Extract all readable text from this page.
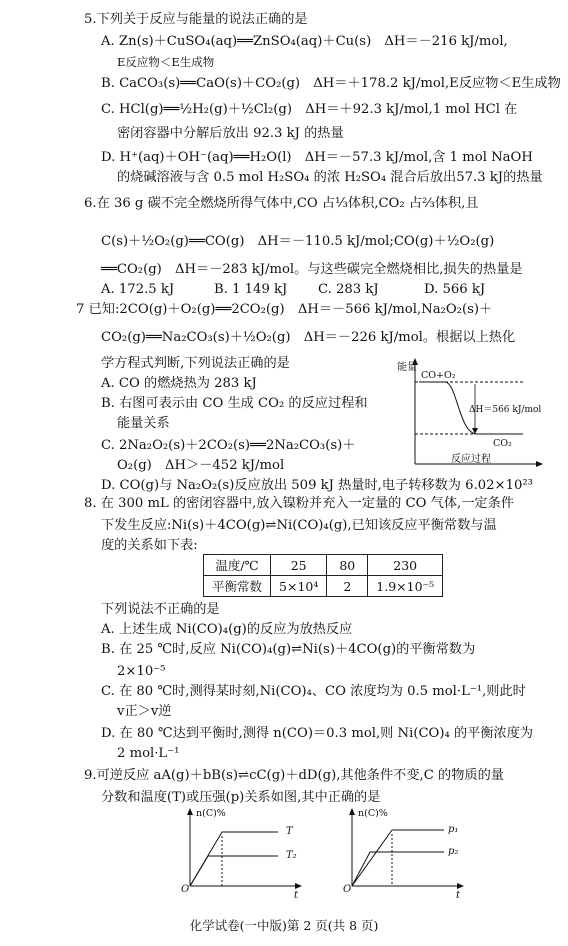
5.下列关于反应与能量的说法正确的是
A. Zn(s)＋CuSO₄(aq)══ZnSO₄(aq)＋Cu(s)　ΔH＝－216 kJ/mol,
E反应物＜E生成物
B. CaCO₃(s)══CaO(s)＋CO₂(g)　ΔH＝＋178.2 kJ/mol,E反应物＜E生成物
C. HCl(g)══½H₂(g)＋½Cl₂(g)　ΔH＝＋92.3 kJ/mol,1 mol HCl 在
密闭容器中分解后放出 92.3 kJ 的热量
D. H⁺(aq)＋OH⁻(aq)══H₂O(l)　ΔH＝－57.3 kJ/mol,含 1 mol NaOH
的烧碱溶液与含 0.5 mol H₂SO₄ 的浓 H₂SO₄ 混合后放出57.3 kJ的热量
6.在 36 g 碳不完全燃烧所得气体中,CO 占⅓体积,CO₂ 占⅔体积,且
C(s)＋½O₂(g)══CO(g)　ΔH＝－110.5 kJ/mol;CO(g)＋½O₂(g)
══CO₂(g)　ΔH＝－283 kJ/mol。与这些碳完全燃烧相比,损失的热量是
A. 172.5 kJ	B. 1 149 kJ C. 283 kJ	D. 566 kJ
7 已知:2CO(g)＋O₂(g)══2CO₂(g)　ΔH＝－566 kJ/mol,Na₂O₂(s)＋
CO₂(g)══Na₂CO₃(s)＋½O₂(g)　ΔH＝－226 kJ/mol。根据以上热化
学方程式判断,下列说法正确的是
A. CO 的燃烧热为 283 kJ
B. 右图可表示由 CO 生成 CO₂ 的反应过程和
能量关系
C. 2Na₂O₂(s)＋2CO₂(s)══2Na₂CO₃(s)＋
O₂(g)　ΔH＞－452 kJ/mol
D. CO(g)与 Na₂O₂(s)反应放出 509 kJ 热量时,电子转移数为 6.02×10²³
能量
CO+O₂
ΔH＝566 kJ/mol
CO₂
反应过程
8. 在 300 mL 的密闭容器中,放入镍粉并充入一定量的 CO 气体,一定条件
下发生反应:Ni(s)＋4CO(g)⇌Ni(CO)₄(g),已知该反应平衡常数与温
度的关系如下表:
温度/℃	25	80	230
平衡常数	5×10⁴	2	1.9×10⁻⁵
下列说法不正确的是
A. 上述生成 Ni(CO)₄(g)的反应为放热反应
B. 在 25 ℃时,反应 Ni(CO)₄(g)⇌Ni(s)＋4CO(g)的平衡常数为
2×10⁻⁵
C. 在 80 ℃时,测得某时刻,Ni(CO)₄、CO 浓度均为 0.5 mol·L⁻¹,则此时
v正＞v逆
D. 在 80 ℃达到平衡时,测得 n(CO)＝0.3 mol,则 Ni(CO)₄ 的平衡浓度为
2 mol·L⁻¹
9.可逆反应 aA(g)＋bB(s)⇌cC(g)＋dD(g),其他条件不变,C 的物质的量
分数和温度(T)或压强(p)关系如图,其中正确的是
n(C)%
T
T₂
O
t
n(C)%
p₁
p₂
O
t
化学试卷(一中版)第 2 页(共 8 页)
